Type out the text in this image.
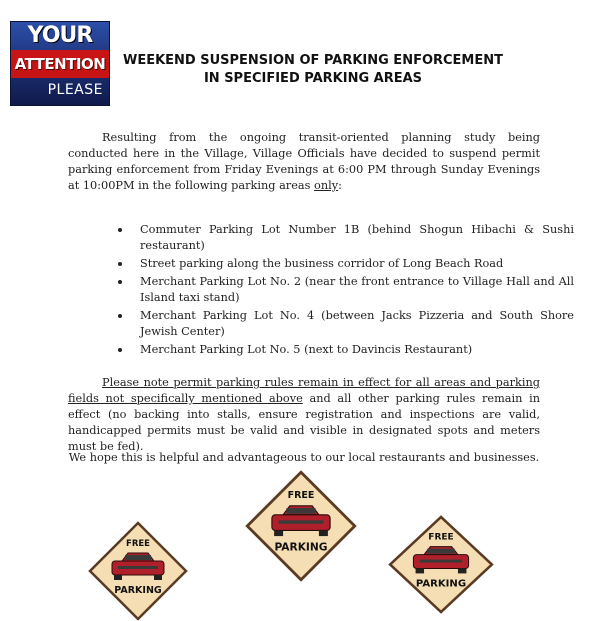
YOUR
ATTENTION
PLEASE
WEEKEND SUSPENSION OF PARKING ENFORCEMENT
IN SPECIFIED PARKING AREAS

Resulting from the ongoing transit-oriented planning study being conducted here in the Village, Village Officials have decided to suspend permit parking enforcement from Friday Evenings at 6:00 PM through Sunday Evenings at 10:00PM in the following parking areas only:

Commuter Parking Lot Number 1B (behind Shogun Hibachi & Sushi restaurant)
Street parking along the business corridor of Long Beach Road
Merchant Parking Lot No. 2 (near the front entrance to Village Hall and All Island taxi stand)
Merchant Parking Lot No. 4 (between Jacks Pizzeria and South Shore Jewish Center)
Merchant Parking Lot No. 5 (next to Davincis Restaurant)

Please note permit parking rules remain in effect for all areas and parking fields not specifically mentioned above and all other parking rules remain in effect (no backing into stalls, ensure registration and inspections are valid, handicapped permits must be valid and visible in designated spots and meters must be fed).

We hope this is helpful and advantageous to our local restaurants and businesses.

FREE
PARKING
FREE
PARKING
FREE
PARKING
